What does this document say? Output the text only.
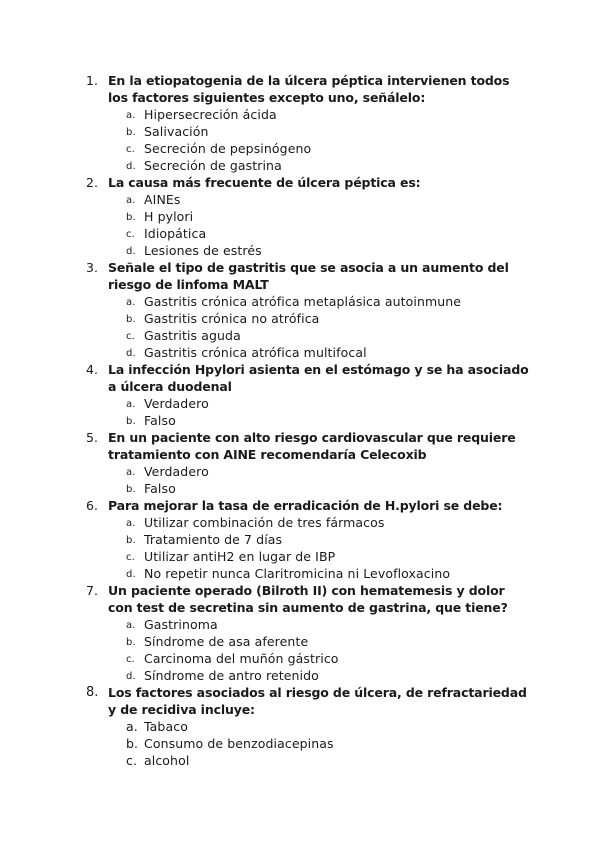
1. En la etiopatogenia de la úlcera péptica intervienen todos los factores siguientes excepto uno, señálelo:
a. Hipersecreción ácida
b. Salivación
c. Secreción de pepsinógeno
d. Secreción de gastrina
2. La causa más frecuente de úlcera péptica es:
a. AINEs
b. H pylori
c. Idiopática
d. Lesiones de estrés
3. Señale el tipo de gastritis que se asocia a un aumento del riesgo de linfoma MALT
a. Gastritis crónica atrófica metaplásica autoinmune
b. Gastritis crónica no atrófica
c. Gastritis aguda
d. Gastritis crónica atrófica multifocal
4. La infección Hpylori asienta en el estómago y se ha asociado a úlcera duodenal
a. Verdadero
b. Falso
5. En un paciente con alto riesgo cardiovascular que requiere tratamiento con AINE recomendaría Celecoxib
a. Verdadero
b. Falso
6. Para mejorar la tasa de erradicación de H.pylori se debe:
a. Utilizar combinación de tres fármacos
b. Tratamiento de 7 días
c. Utilizar antiH2 en lugar de IBP
d. No repetir nunca Claritromicina ni Levofloxacino
7. Un paciente operado (Bilroth II) con hematemesis y dolor con test de secretina sin aumento de gastrina, que tiene?
a. Gastrinoma
b. Síndrome de asa aferente
c. Carcinoma del muñón gástrico
d. Síndrome de antro retenido
8. Los factores asociados al riesgo de úlcera, de refractariedad y de recidiva incluye:
a. Tabaco
b. Consumo de benzodiacepinas
c. alcohol
